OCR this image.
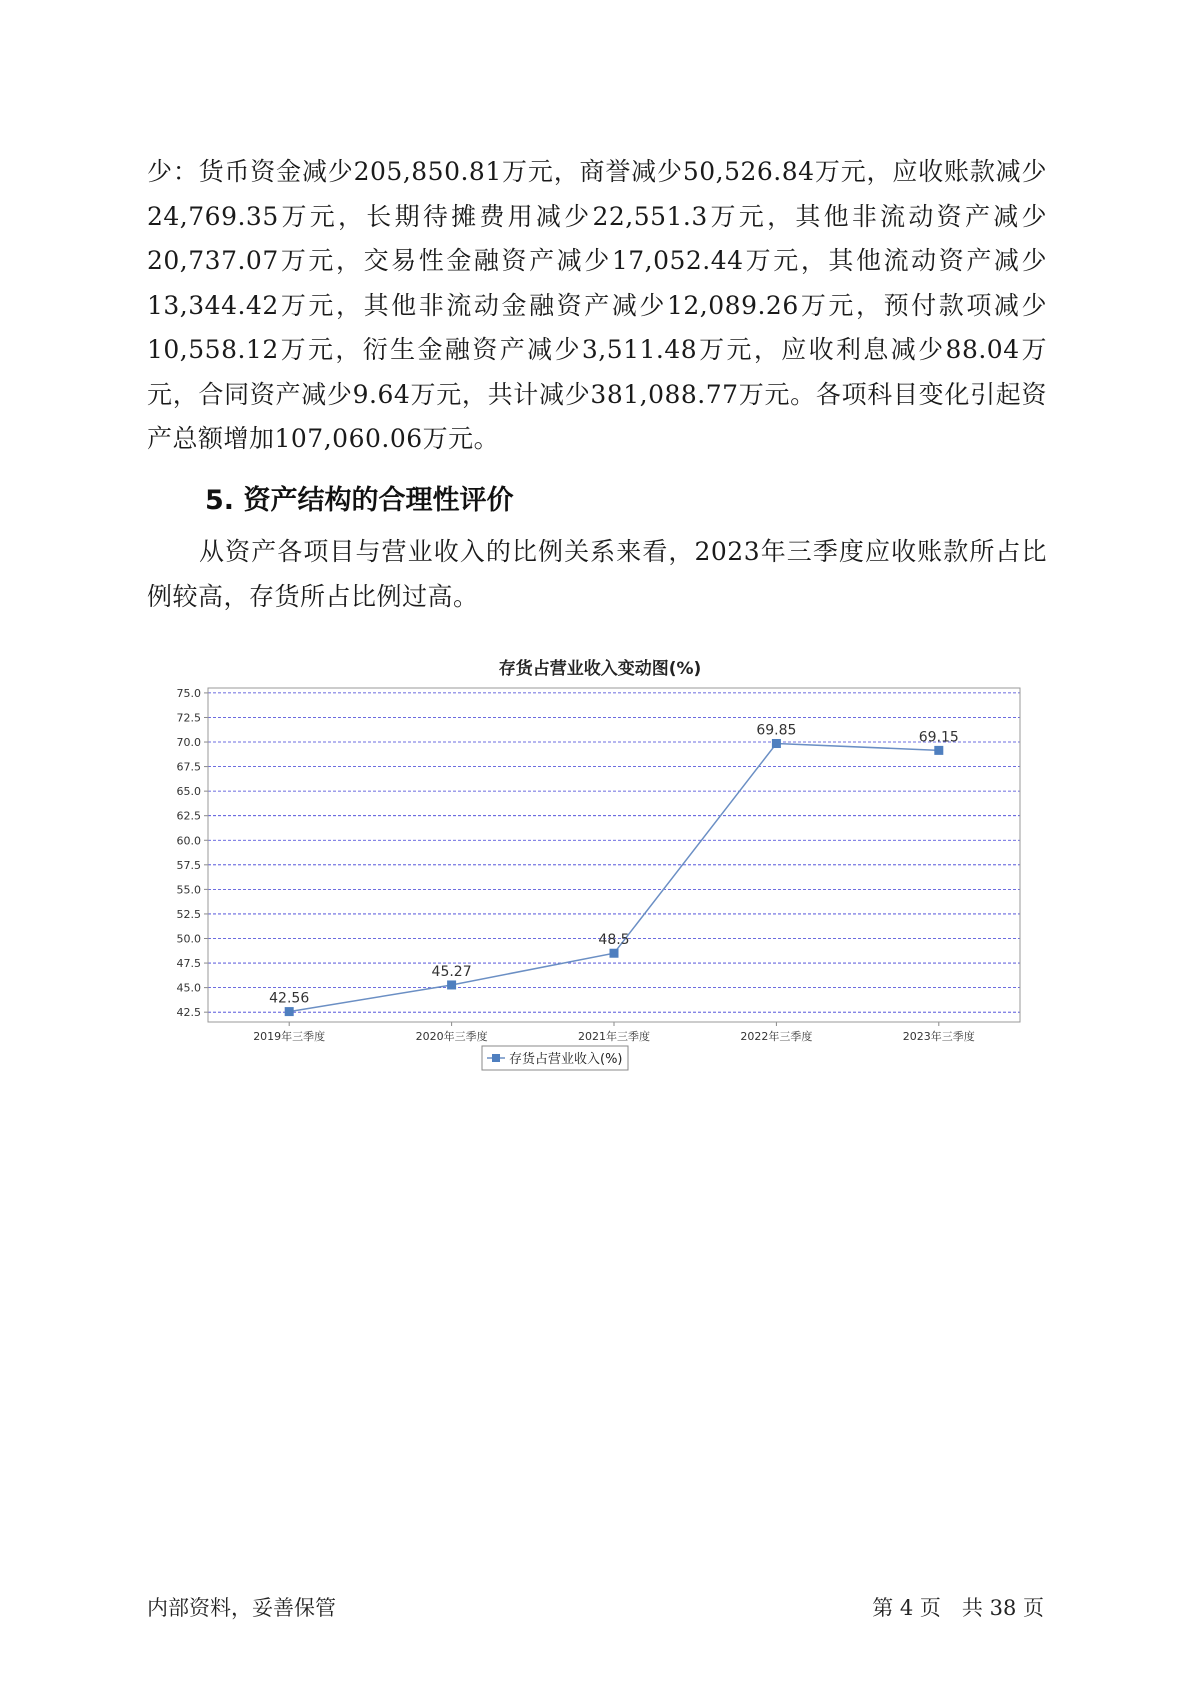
少：货币资金减少205,850.81万元，商誉减少50,526.84万元，应收账款减少24,769.35万元，长期待摊费用减少22,551.3万元，其他非流动资产减少20,737.07万元，交易性金融资产减少17,052.44万元，其他流动资产减少13,344.42万元，其他非流动金融资产减少12,089.26万元，预付款项减少10,558.12万元，衍生金融资产减少3,511.48万元，应收利息减少88.04万元，合同资产减少9.64万元，共计减少381,088.77万元。各项科目变化引起资产总额增加107,060.06万元。

5. 资产结构的合理性评价

从资产各项目与营业收入的比例关系来看，2023年三季度应收账款所占比例较高，存货所占比例过高。

存货占营业收入变动图(%)
42.5
45.0
47.5
50.0
52.5
55.0
57.5
60.0
62.5
65.0
67.5
70.0
72.5
75.0
2019年三季度	2020年三季度	2021年三季度	2022年三季度	2023年三季度
42.56
45.27
48.5
69.85	69.15
存货占营业收入(%)
内部资料，妥善保管	第 4 页　共 38 页
